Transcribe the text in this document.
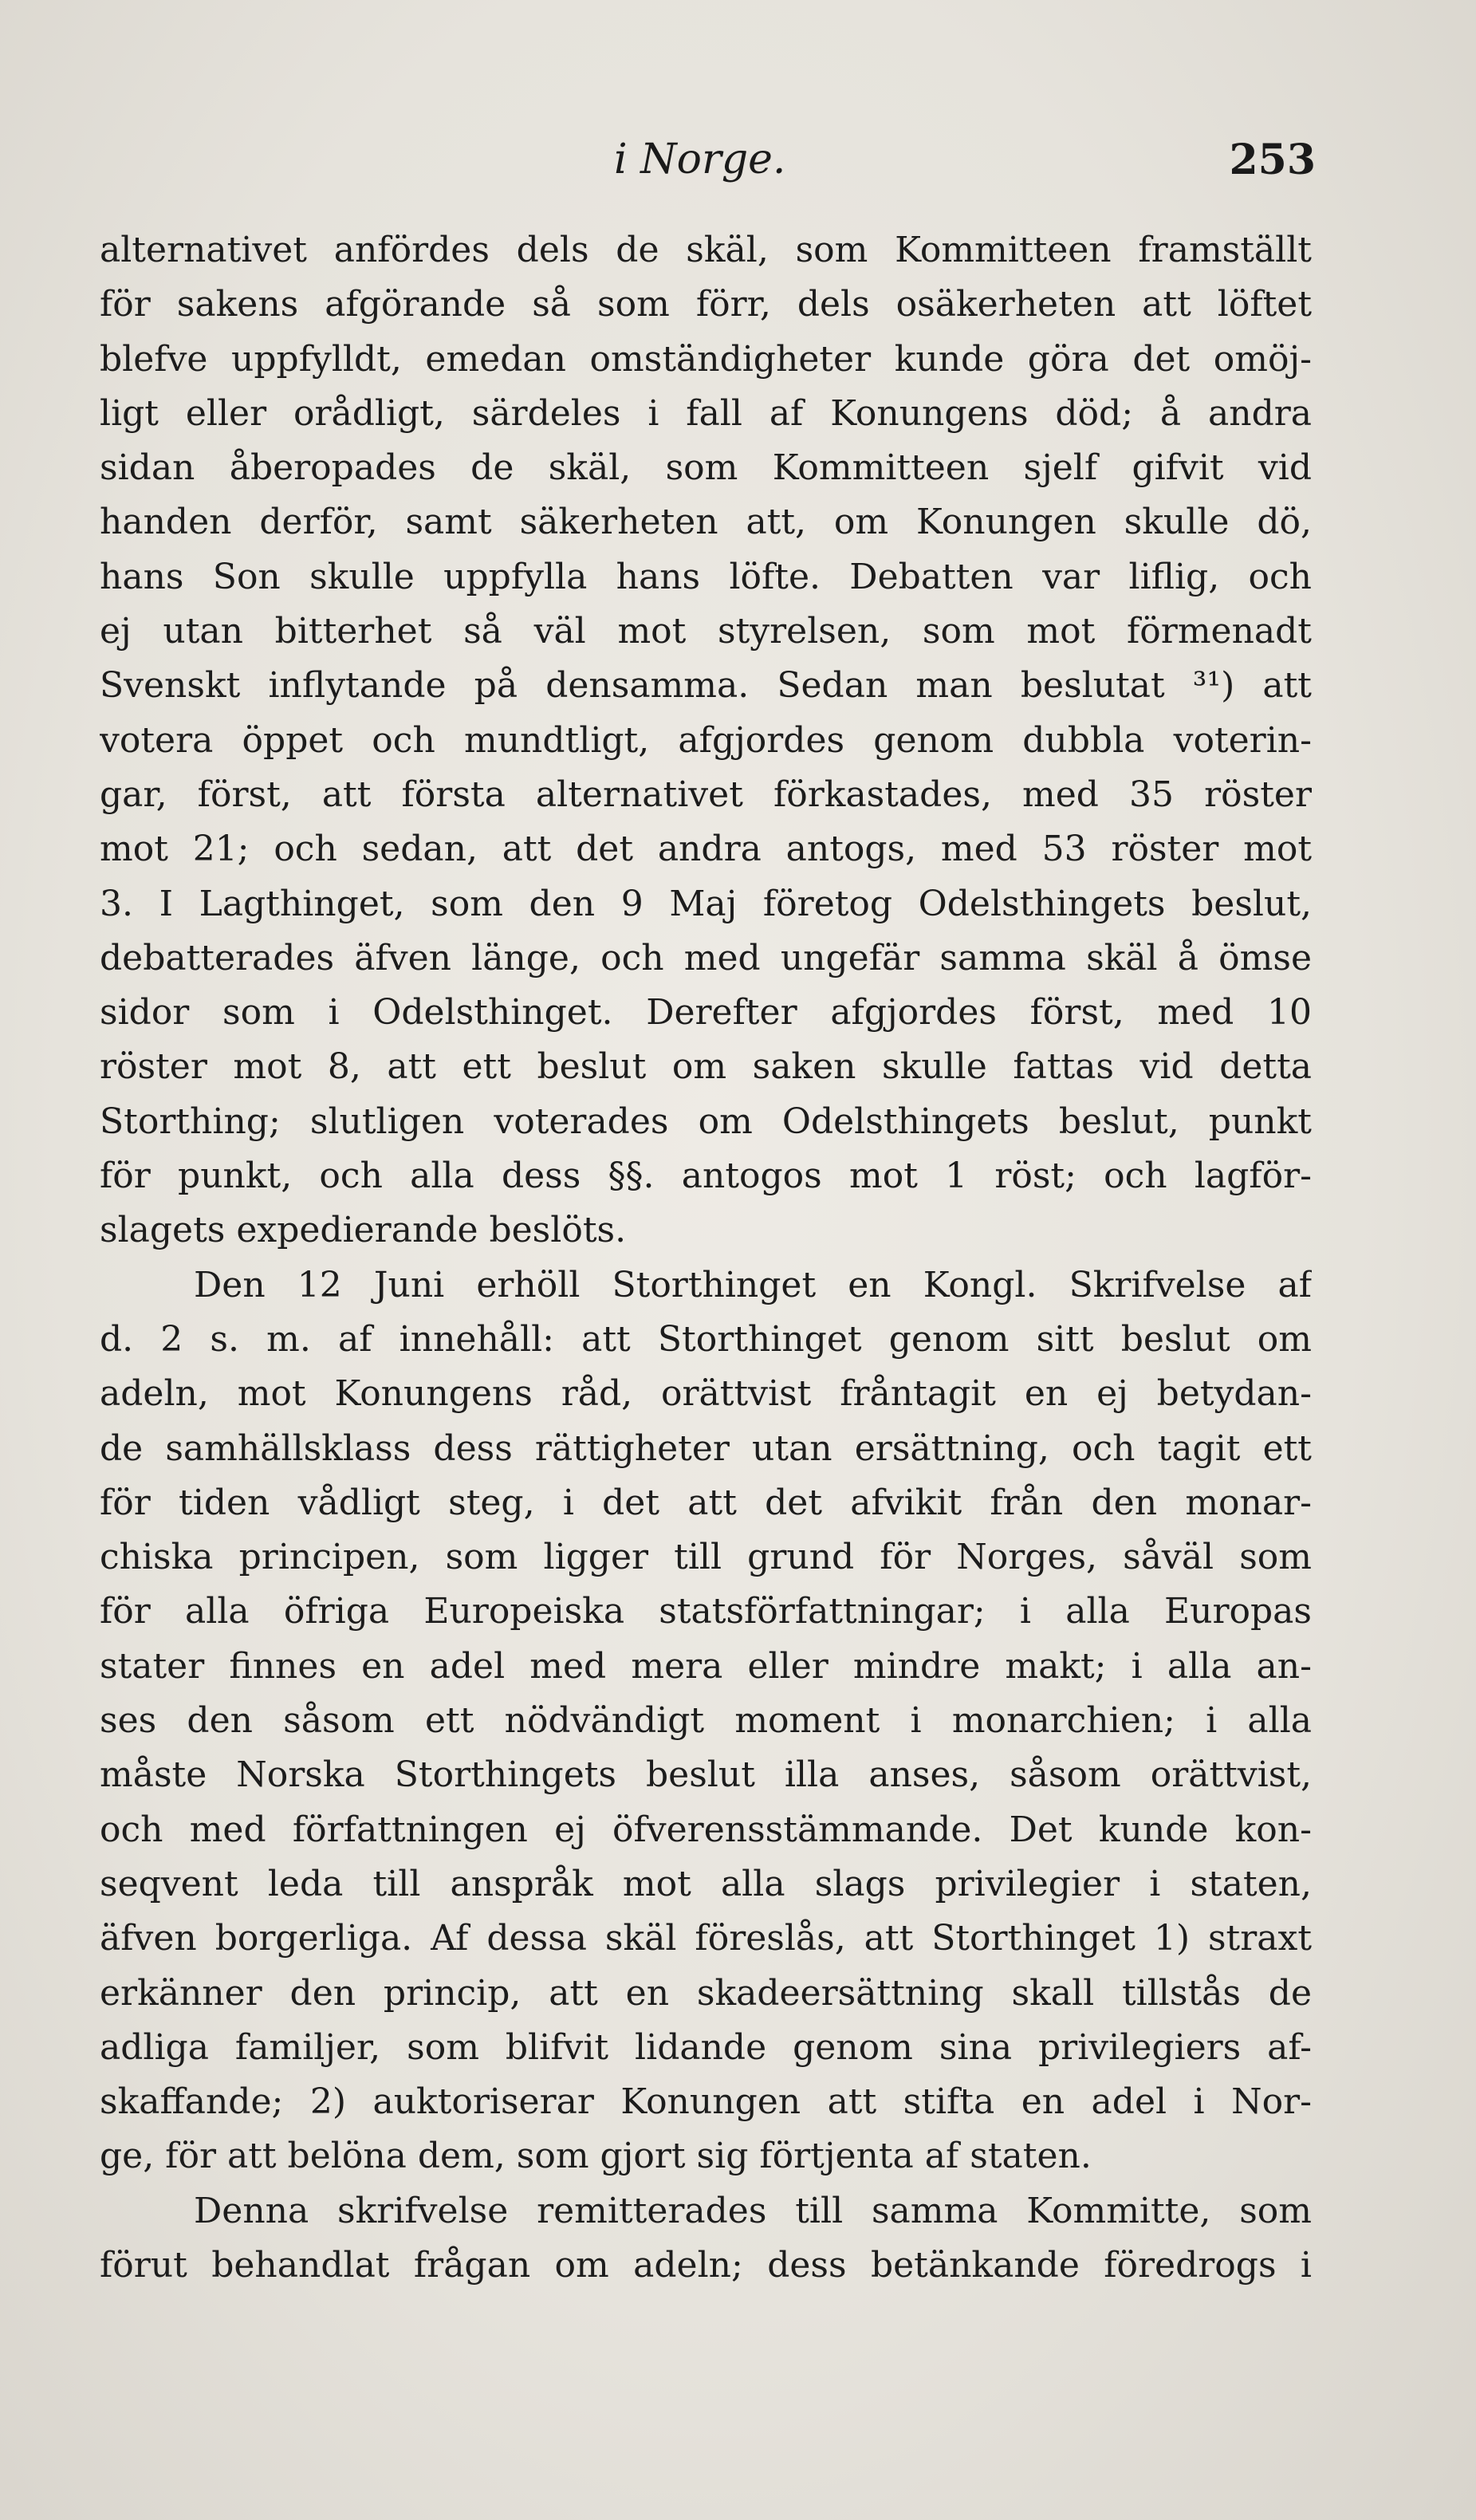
i Norge.	253
alternativet anfördes dels de skäl, som Kommitteen framställt
för sakens afgörande så som förr, dels osäkerheten att löftet
blefve uppfylldt, emedan omständigheter kunde göra det omöj-
ligt eller orådligt, särdeles i fall af Konungens död; å andra
sidan åberopades de skäl, som Kommitteen sjelf gifvit vid
handen derför, samt säkerheten att, om Konungen skulle dö,
hans Son skulle uppfylla hans löfte. Debatten var liflig, och
ej utan bitterhet så väl mot styrelsen, som mot förmenadt
Svenskt inflytande på densamma. Sedan man beslutat ³¹) att
votera öppet och mundtligt, afgjordes genom dubbla voterin-
gar, först, att första alternativet förkastades, med 35 röster
mot 21; och sedan, att det andra antogs, med 53 röster mot
3. I Lagthinget, som den 9 Maj företog Odelsthingets beslut,
debatterades äfven länge, och med ungefär samma skäl å ömse
sidor som i Odelsthinget. Derefter afgjordes först, med 10
röster mot 8, att ett beslut om saken skulle fattas vid detta
Storthing; slutligen voterades om Odelsthingets beslut, punkt
för punkt, och alla dess §§. antogos mot 1 röst; och lagför-
slagets expedierande beslöts.
Den 12 Juni erhöll Storthinget en Kongl. Skrifvelse af
d. 2 s. m. af innehåll: att Storthinget genom sitt beslut om
adeln, mot Konungens råd, orättvist fråntagit en ej betydan-
de samhällsklass dess rättigheter utan ersättning, och tagit ett
för tiden vådligt steg, i det att det afvikit från den monar-
chiska principen, som ligger till grund för Norges, såväl som
för alla öfriga Europeiska statsförfattningar; i alla Europas
stater finnes en adel med mera eller mindre makt; i alla an-
ses den såsom ett nödvändigt moment i monarchien; i alla
måste Norska Storthingets beslut illa anses, såsom orättvist,
och med författningen ej öfverensstämmande. Det kunde kon-
seqvent leda till anspråk mot alla slags privilegier i staten,
äfven borgerliga. Af dessa skäl föreslås, att Storthinget 1) straxt
erkänner den princip, att en skadeersättning skall tillstås de
adliga familjer, som blifvit lidande genom sina privilegiers af-
skaffande; 2) auktoriserar Konungen att stifta en adel i Nor-
ge, för att belöna dem, som gjort sig förtjenta af staten.
Denna skrifvelse remitterades till samma Kommitte, som
förut behandlat frågan om adeln; dess betänkande föredrogs i
